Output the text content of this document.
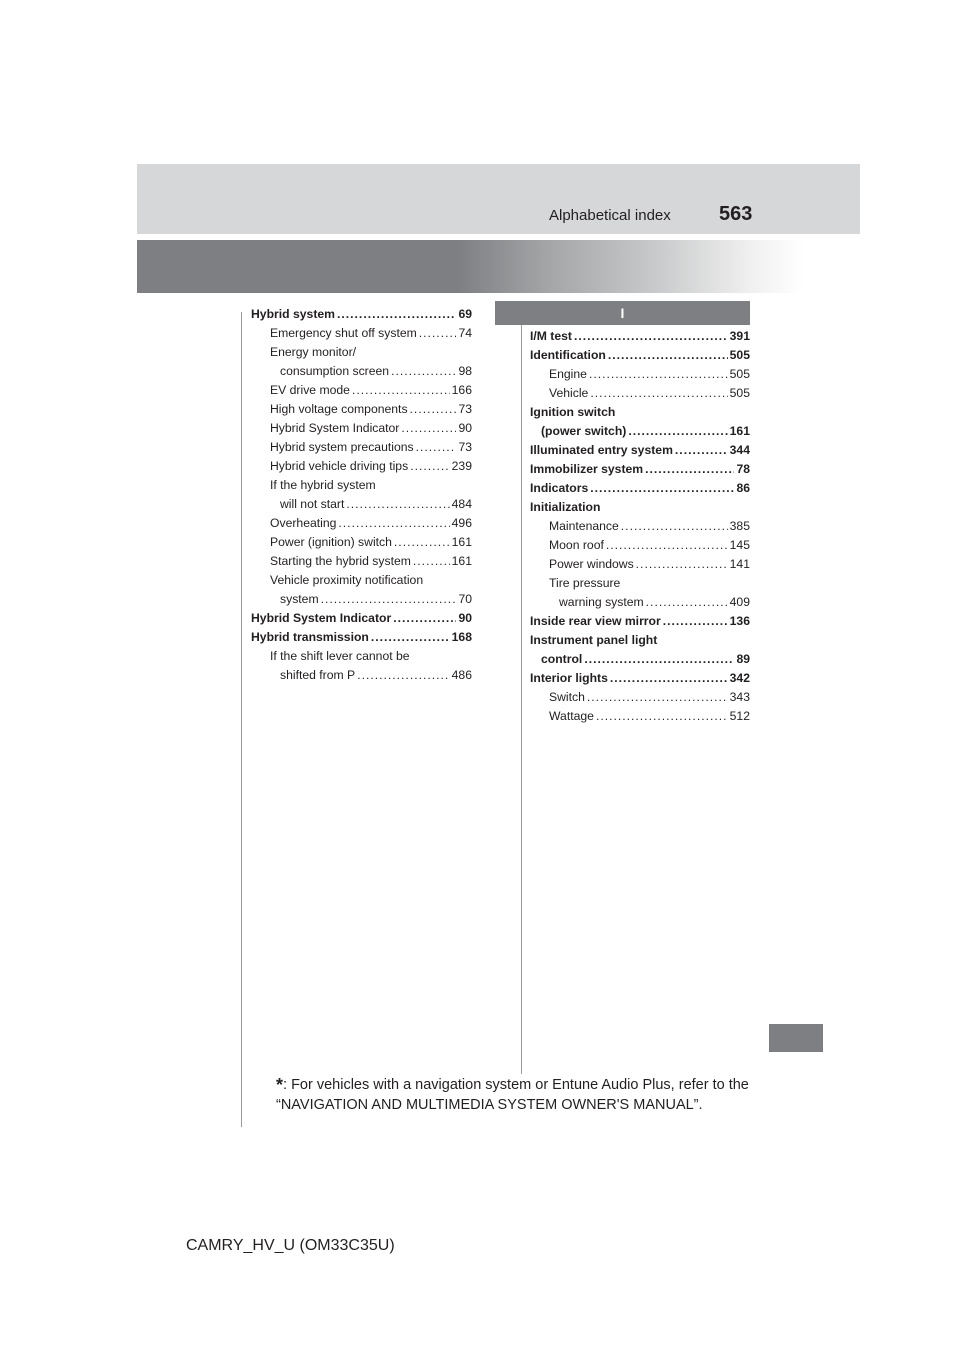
Alphabetical index 563
I
Hybrid system .....	69
Emergency shut off system .....	74
Energy monitor/
consumption screen .....	98
EV drive mode .....	166
High voltage components .....	73
Hybrid System Indicator .....	90
Hybrid system precautions .....	73
Hybrid vehicle driving tips .....	239
If the hybrid system
will not start .....	484
Overheating .....	496
Power (ignition) switch .....	161
Starting the hybrid system .....	161
Vehicle proximity notification
system .....	70
Hybrid System Indicator .....	90
Hybrid transmission .....	168
If the shift lever cannot be
shifted from P .....	486
I/M test .....	391
Identification .....	505
Engine .....	505
Vehicle .....	505
Ignition switch
(power switch) .....	161
Illuminated entry system .....	344
Immobilizer system .....	78
Indicators .....	86
Initialization
Maintenance .....	385
Moon roof .....	145
Power windows .....	141
Tire pressure
warning system .....	409
Inside rear view mirror .....	136
Instrument panel light
control .....	89
Interior lights .....	342
Switch .....	343
Wattage .....	512
*: For vehicles with a navigation system or Entune Audio Plus, refer to the “NAVIGATION AND MULTIMEDIA SYSTEM OWNER'S MANUAL”.
CAMRY_HV_U (OM33C35U)
